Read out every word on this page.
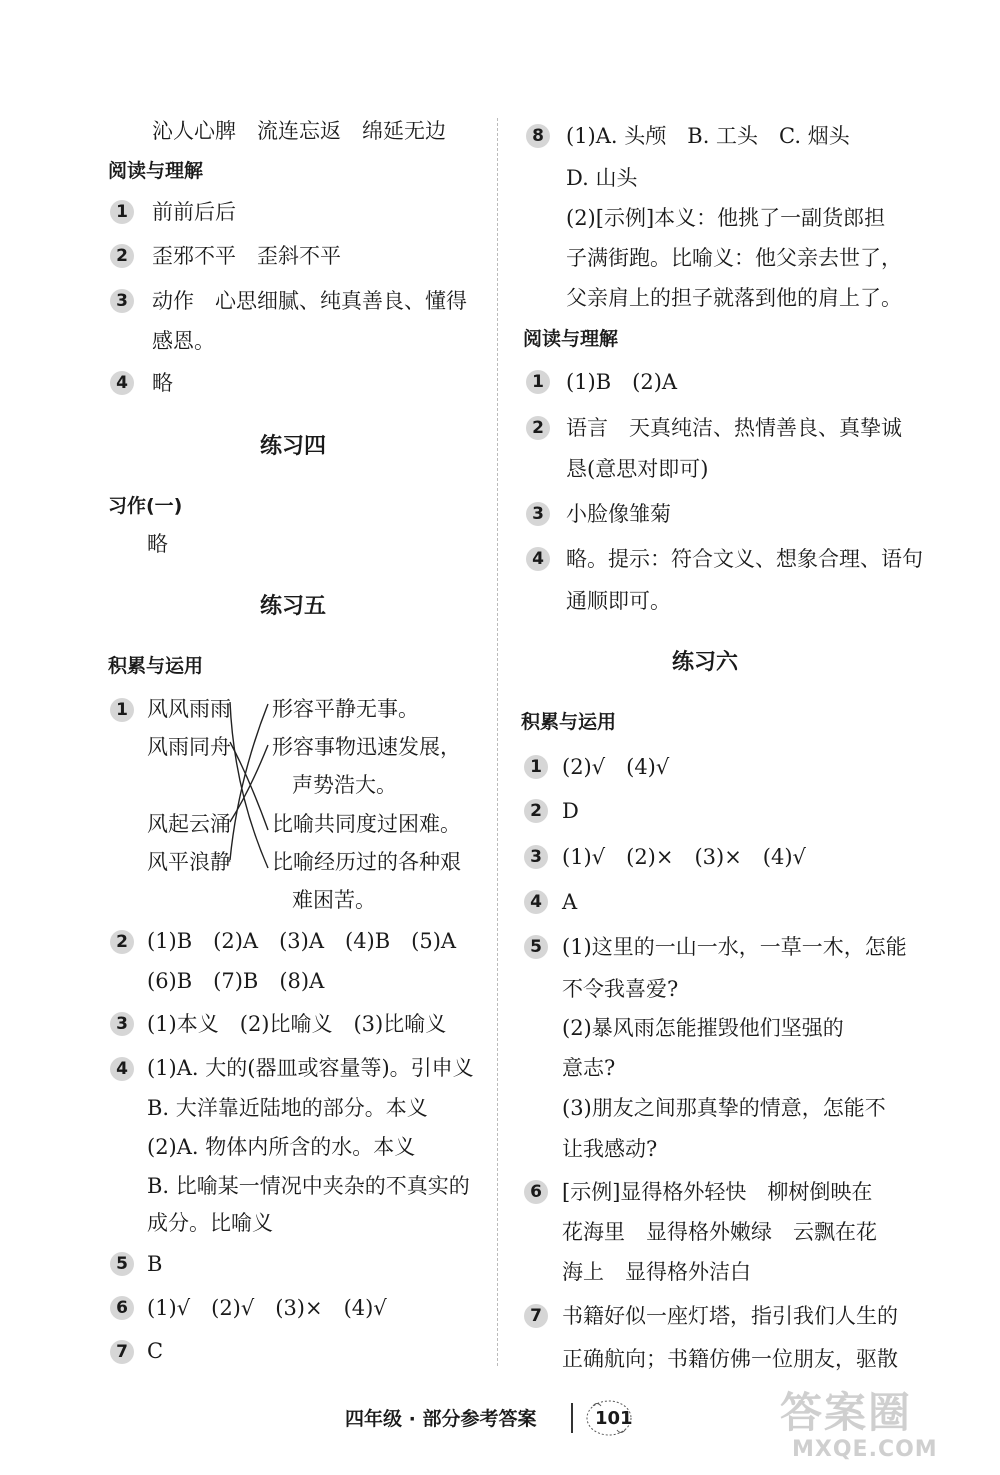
沁人心脾　流连忘返　绵延无边
阅读与理解
1 前前后后
2 歪邪不平　歪斜不平
3 动作　心思细腻、纯真善良、懂得
感恩。
4 略
练习四
习作(一)
略
练习五
积累与运用
1 风风雨雨
风雨同舟
风起云涌
风平浪静
形容平静无事。
形容事物迅速发展，
声势浩大。
比喻共同度过困难。
比喻经历过的各种艰
难困苦。
2 (1)B　(2)A　(3)A　(4)B　(5)A
(6)B　(7)B　(8)A
3 (1)本义　(2)比喻义　(3)比喻义
4 (1)A. 大的(器皿或容量等)。引申义
B. 大洋靠近陆地的部分。本义
(2)A. 物体内所含的水。本义
B. 比喻某一情况中夹杂的不真实的
成分。比喻义
5 B
6 (1)√　(2)√　(3)×　(4)√
7 C
8 (1)A. 头颅　B. 工头　C. 烟头
D. 山头
(2)[示例]本义：他挑了一副货郎担
子满街跑。比喻义：他父亲去世了，
父亲肩上的担子就落到他的肩上了。
阅读与理解
1 (1)B　(2)A
2 语言　天真纯洁、热情善良、真挚诚
恳(意思对即可)
3 小脸像雏菊
4 略。提示：符合文义、想象合理、语句
通顺即可。
练习六
积累与运用
1 (2)√　(4)√
2 D
3 (1)√　(2)×　(3)×　(4)√
4 A
5 (1)这里的一山一水，一草一木，怎能
不令我喜爱?
(2)暴风雨怎能摧毁他们坚强的
意志?
(3)朋友之间那真挚的情意，怎能不
让我感动?
6 [示例]显得格外轻快　柳树倒映在
花海里　显得格外嫩绿　云飘在花
海上　显得格外洁白
7 书籍好似一座灯塔，指引我们人生的
正确航向；书籍仿佛一位朋友，驱散
四年级 · 部分参考答案	101	答案圈
MXQE.COM
